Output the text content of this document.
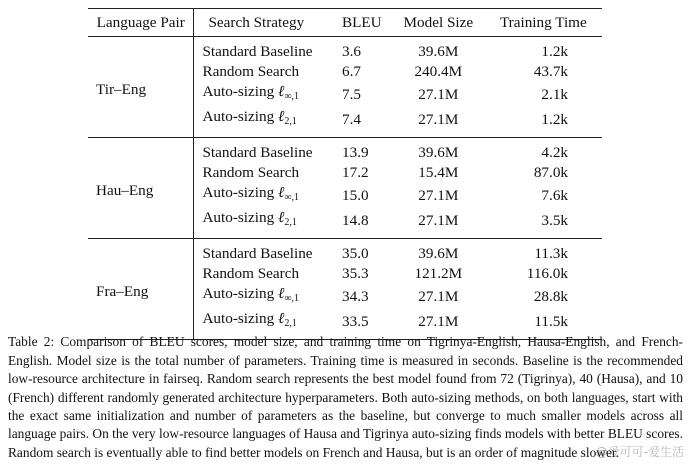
Language Pair	Search Strategy	BLEU	Model Size	Training Time
Tir–Eng	Standard Baseline	3.6	39.6M	1.2k
	Random Search	6.7	240.4M	43.7k
	Auto-sizing ℓ$_{\infty,1}$	7.5	27.1M	2.1k
	Auto-sizing ℓ$_{2,1}$	7.4	27.1M	1.2k
Hau–Eng	Standard Baseline	13.9	39.6M	4.2k
	Random Search	17.2	15.4M	87.0k
	Auto-sizing ℓ$_{\infty,1}$	15.0	27.1M	7.6k
	Auto-sizing ℓ$_{2,1}$	14.8	27.1M	3.5k
Fra–Eng	Standard Baseline	35.0	39.6M	11.3k
	Random Search	35.3	121.2M	116.0k
	Auto-sizing ℓ$_{\infty,1}$	34.3	27.1M	28.8k
	Auto-sizing ℓ$_{2,1}$	33.5	27.1M	11.5k

Table 2: Comparison of BLEU scores, model size, and training time on Tigrinya-English, Hausa-English, and French-English. Model size is the total number of parameters. Training time is measured in seconds. Baseline is the recommended low-resource architecture in fairseq. Random search represents the best model found from 72 (Tigrinya), 40 (Hausa), and 10 (French) different randomly generated architecture hyperparameters. Both auto-sizing methods, on both languages, start with the exact same initialization and number of parameters as the baseline, but converge to much smaller models across all language pairs. On the very low-resource languages of Hausa and Tigrinya auto-sizing finds models with better BLEU scores. Random search is eventually able to find better models on French and Hausa, but is an order of magnitude slower.

@爱可可-爱生活
